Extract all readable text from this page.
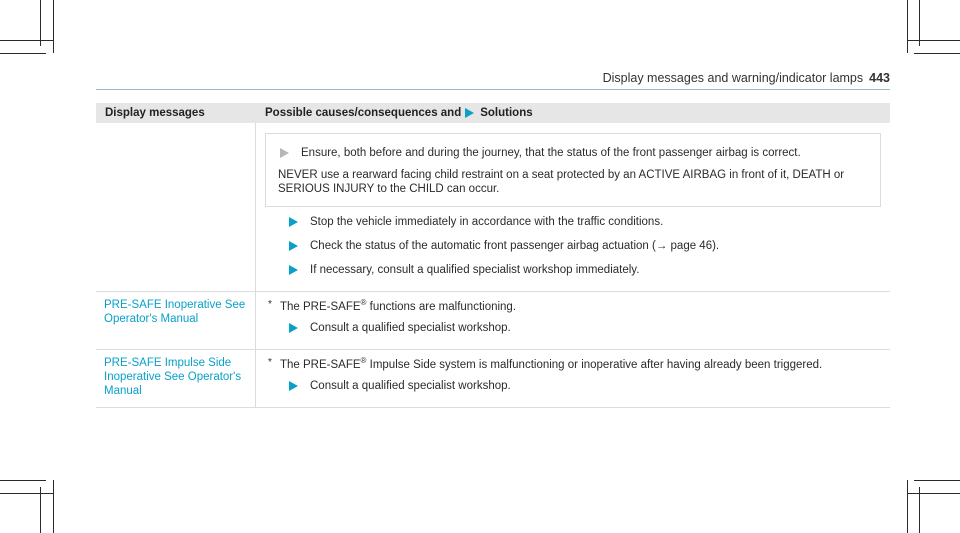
Display messages and warning/indicator lamps 443
Display messages	Possible causes/consequences and Solutions
Ensure, both before and during the journey, that the status of the front passenger airbag is correct.
NEVER use a rearward facing child restraint on a seat protected by an ACTIVE AIRBAG in front of it, DEATH or SERIOUS INJURY to the CHILD can occur.
Stop the vehicle immediately in accordance with the traffic conditions.
Check the status of the automatic front passenger airbag actuation (→ page 46).
If necessary, consult a qualified specialist workshop immediately.
PRE-SAFE Inoperative See Operator's Manual
* The PRE-SAFE® functions are malfunctioning.
Consult a qualified specialist workshop.
PRE-SAFE Impulse Side Inoperative See Operator's Manual
* The PRE-SAFE® Impulse Side system is malfunctioning or inoperative after having already been triggered.
Consult a qualified specialist workshop.
